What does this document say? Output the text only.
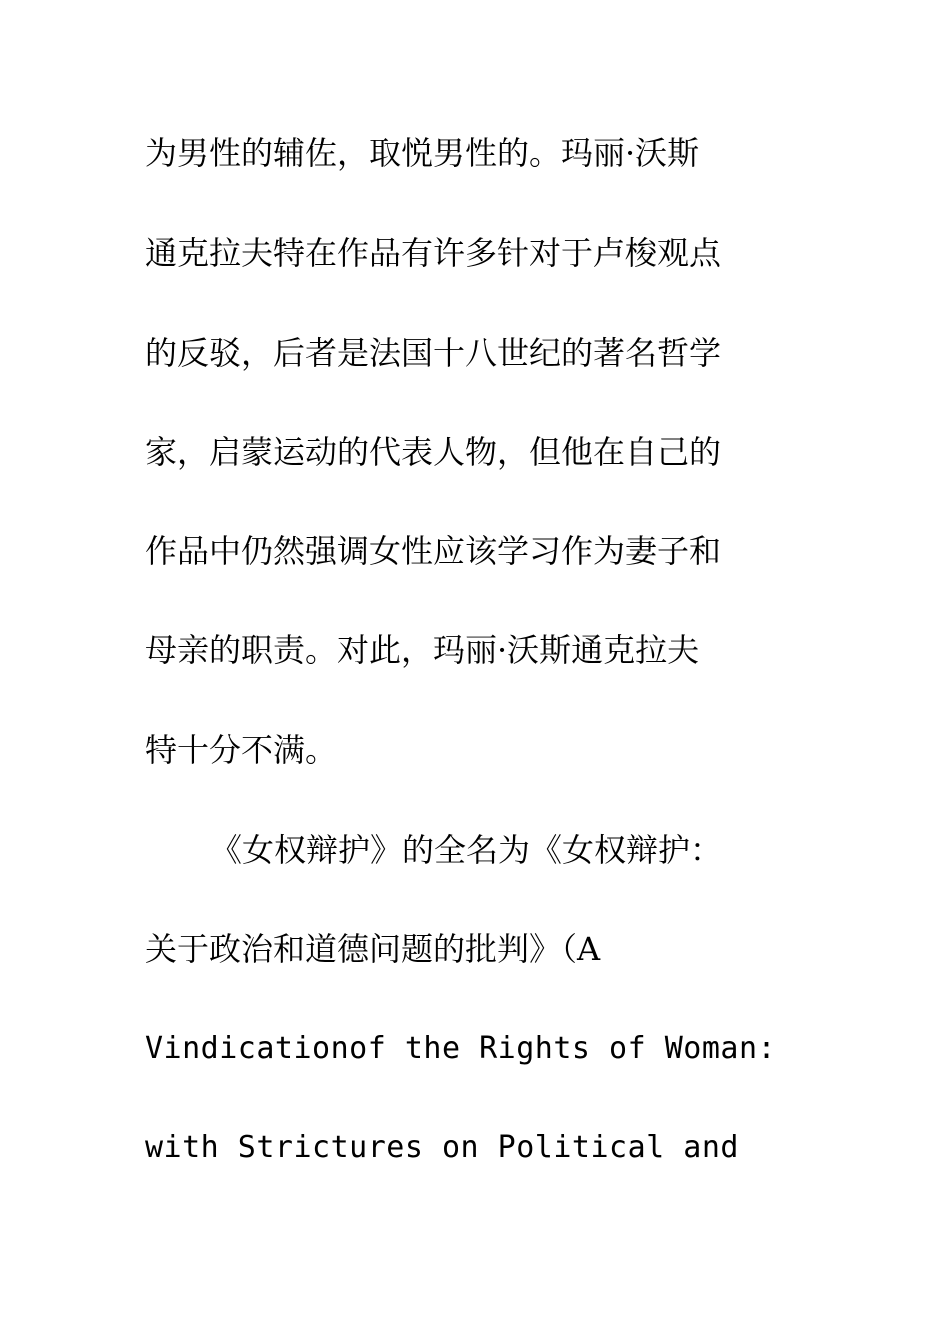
为男性的辅佐，取悦男性的。玛丽·沃斯
通克拉夫特在作品有许多针对于卢梭观点
的反驳，后者是法国十八世纪的著名哲学
家，启蒙运动的代表人物，但他在自己的
作品中仍然强调女性应该学习作为妻子和
母亲的职责。对此，玛丽·沃斯通克拉夫
特十分不满。
《女权辩护》的全名为《女权辩护：
关于政治和道德问题的批判》（A
Vindicationof the Rights of Woman:
with Strictures on Political and
